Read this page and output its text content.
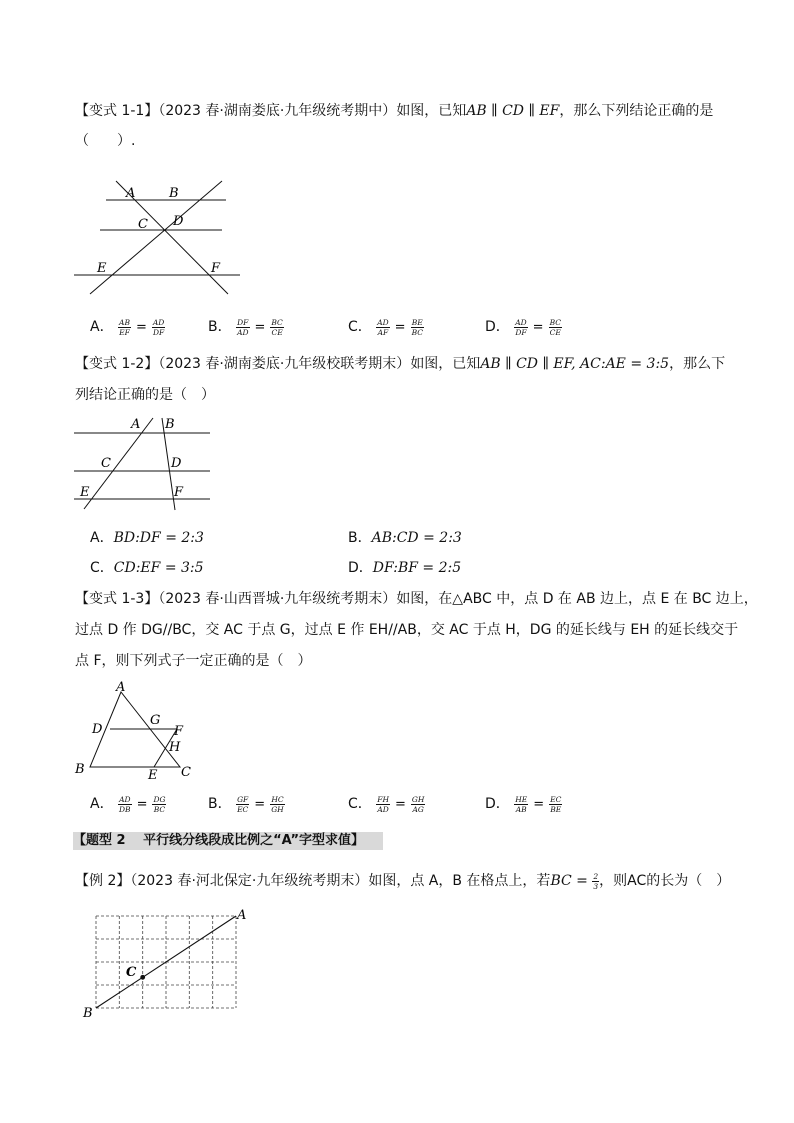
【变式 1-1】（2023 春·湖南娄底·九年级统考期中）如图，已知AB ∥ CD ∥ EF，那么下列结论正确的是
（　　）.
A	B
C D
E	F
A． $\frac{AB}{EF} = \frac{AD}{DF}$	B． $\frac{DF}{AD} = \frac{BC}{CE}$	C． $\frac{AD}{AF} = \frac{BE}{BC}$	D． $\frac{AD}{DF} = \frac{BC}{CE}$
【变式 1-2】（2023 春·湖南娄底·九年级校联考期末）如图，已知AB ∥ CD ∥ EF, AC:AE = 3:5，那么下
列结论正确的是（　）
A B
C	D
E	F
A．BD:DF = 2:3	B．AB:CD = 2:3
C．CD:EF = 3:5	D．DF:BF = 2:5
【变式 1-3】（2023 春·山西晋城·九年级统考期末）如图，在△ABC 中，点 D 在 AB 边上，点 E 在 BC 边上，
过点 D 作 DG//BC，交 AC 于点 G，过点 E 作 EH//AB，交 AC 于点 H，DG 的延长线与 EH 的延长线交于
点 F，则下列式子一定正确的是（　）
A
B	C
D
E
F
G
H
A． $\frac{AD}{DB} = \frac{DG}{BC}$	B． $\frac{GF}{EC} = \frac{HC}{GH}$	C． $\frac{FH}{AD} = \frac{GH}{AG}$	D． $\frac{HE}{AB} = \frac{EC}{BE}$
【题型 2　 平行线分线段成比例之“A”字型求值】
【例 2】（2023 春·河北保定·九年级统考期末）如图，点 A，B 在格点上，若BC = $\frac{2}{3}$ ，则AC的长为（　）
B
A
C
